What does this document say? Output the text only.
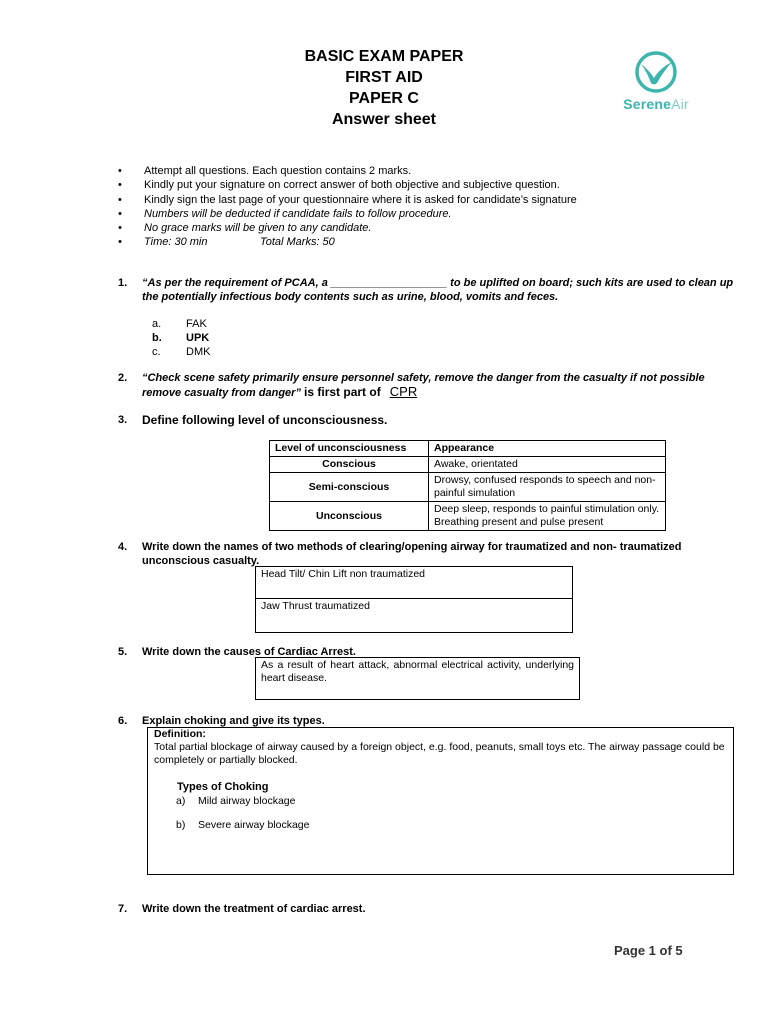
BASIC EXAM PAPER
FIRST AID
PAPER C
Answer sheet
SereneAir
• Attempt all questions. Each question contains 2 marks.
• Kindly put your signature on correct answer of both objective and subjective question.
• Kindly sign the last page of your questionnaire where it is asked for candidate’s signature
• Numbers will be deducted if candidate fails to follow procedure.
• No grace marks will be given to any candidate.
• Time: 30 min	Total Marks: 50
1. “As per the requirement of PCAA, a ___________________ to be uplifted on board; such kits are used to clean up the potentially infectious body contents such as urine, blood, vomits and feces.
a.	FAK
b.	UPK
c.	DMK
2. “Check scene safety primarily ensure personnel safety, remove the danger from the casualty if not possible remove casualty from danger” is first part of CPR
3. Define following level of unconsciousness.
Level of unconsciousness	Appearance
Conscious	Awake, orientated
Semi-conscious	Drowsy, confused responds to speech and non-painful simulation
Unconscious	Deep sleep, responds to painful stimulation only. Breathing present and pulse present
4. Write down the names of two methods of clearing/opening airway for traumatized and non- traumatized unconscious casualty.
Head Tilt/ Chin Lift non traumatized
Jaw Thrust traumatized
5. Write down the causes of Cardiac Arrest.
As a result of heart attack, abnormal electrical activity, underlying heart disease.
6. Explain choking and give its types.
Definition:
Total partial blockage of airway caused by a foreign object, e.g. food, peanuts, small toys etc. The airway passage could be completely or partially blocked.
Types of Choking
a) Mild airway blockage
b) Severe airway blockage
7. Write down the treatment of cardiac arrest.
Page 1 of 5
